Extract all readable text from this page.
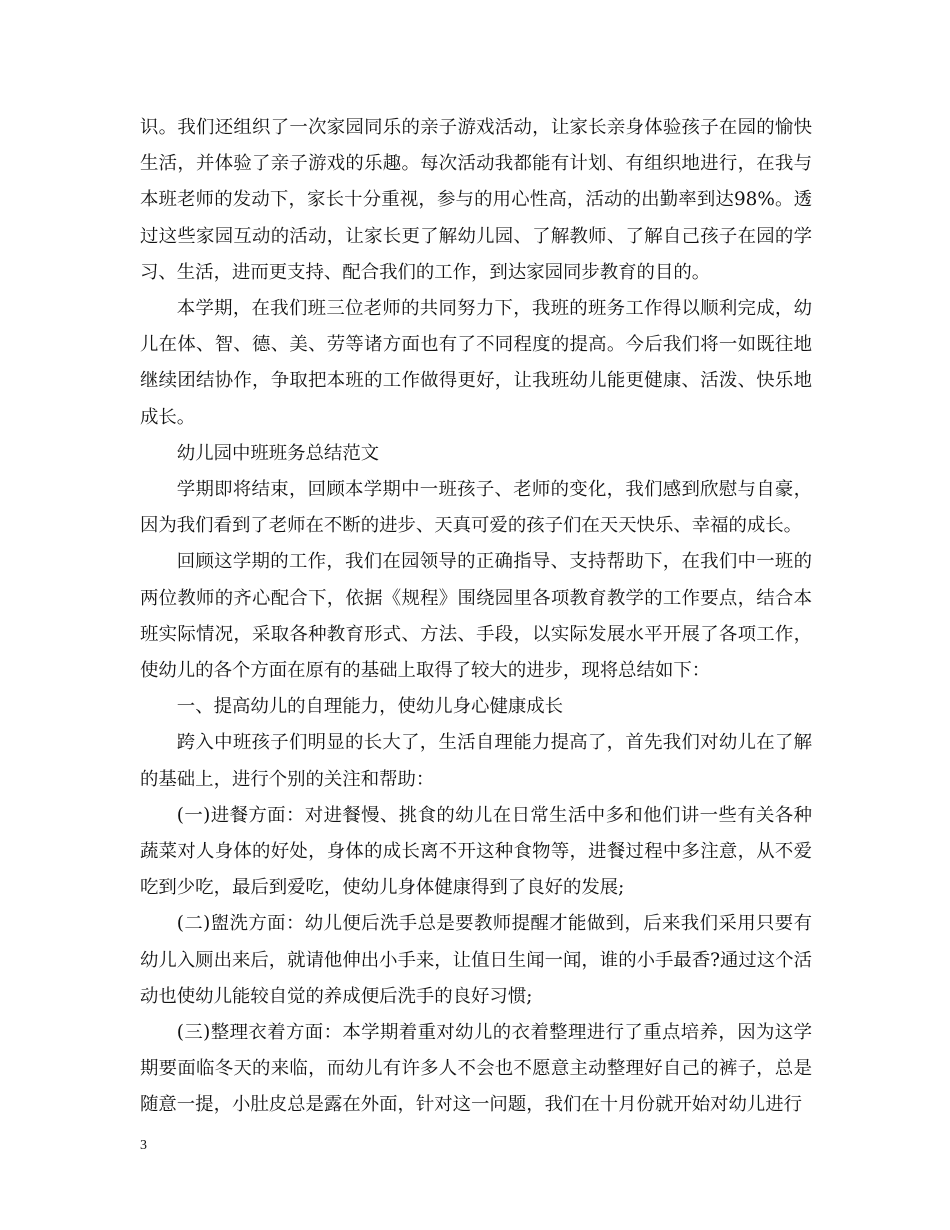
识。我们还组织了一次家园同乐的亲子游戏活动，让家长亲身体验孩子在园的愉快生活，并体验了亲子游戏的乐趣。每次活动我都能有计划、有组织地进行，在我与本班老师的发动下，家长十分重视，参与的用心性高，活动的出勤率到达98%。透过这些家园互动的活动，让家长更了解幼儿园、了解教师、了解自己孩子在园的学习、生活，进而更支持、配合我们的工作，到达家园同步教育的目的。

本学期，在我们班三位老师的共同努力下，我班的班务工作得以顺利完成，幼儿在体、智、德、美、劳等诸方面也有了不同程度的提高。今后我们将一如既往地继续团结协作，争取把本班的工作做得更好，让我班幼儿能更健康、活泼、快乐地成长。

幼儿园中班班务总结范文

学期即将结束，回顾本学期中一班孩子、老师的变化，我们感到欣慰与自豪，因为我们看到了老师在不断的进步、天真可爱的孩子们在天天快乐、幸福的成长。

回顾这学期的工作，我们在园领导的正确指导、支持帮助下，在我们中一班的两位教师的齐心配合下，依据《规程》围绕园里各项教育教学的工作要点，结合本班实际情况，采取各种教育形式、方法、手段，以实际发展水平开展了各项工作，使幼儿的各个方面在原有的基础上取得了较大的进步，现将总结如下：

一、提高幼儿的自理能力，使幼儿身心健康成长

跨入中班孩子们明显的长大了，生活自理能力提高了，首先我们对幼儿在了解的基础上，进行个别的关注和帮助：

(一)进餐方面：对进餐慢、挑食的幼儿在日常生活中多和他们讲一些有关各种蔬菜对人身体的好处，身体的成长离不开这种食物等，进餐过程中多注意，从不爱吃到少吃，最后到爱吃，使幼儿身体健康得到了良好的发展;

(二)盥洗方面：幼儿便后洗手总是要教师提醒才能做到，后来我们采用只要有幼儿入厕出来后，就请他伸出小手来，让值日生闻一闻，谁的小手最香?通过这个活动也使幼儿能较自觉的养成便后洗手的良好习惯;

(三)整理衣着方面：本学期着重对幼儿的衣着整理进行了重点培养，因为这学期要面临冬天的来临，而幼儿有许多人不会也不愿意主动整理好自己的裤子，总是随意一提，小肚皮总是露在外面，针对这一问题，我们在十月份就开始对幼儿进行

3
